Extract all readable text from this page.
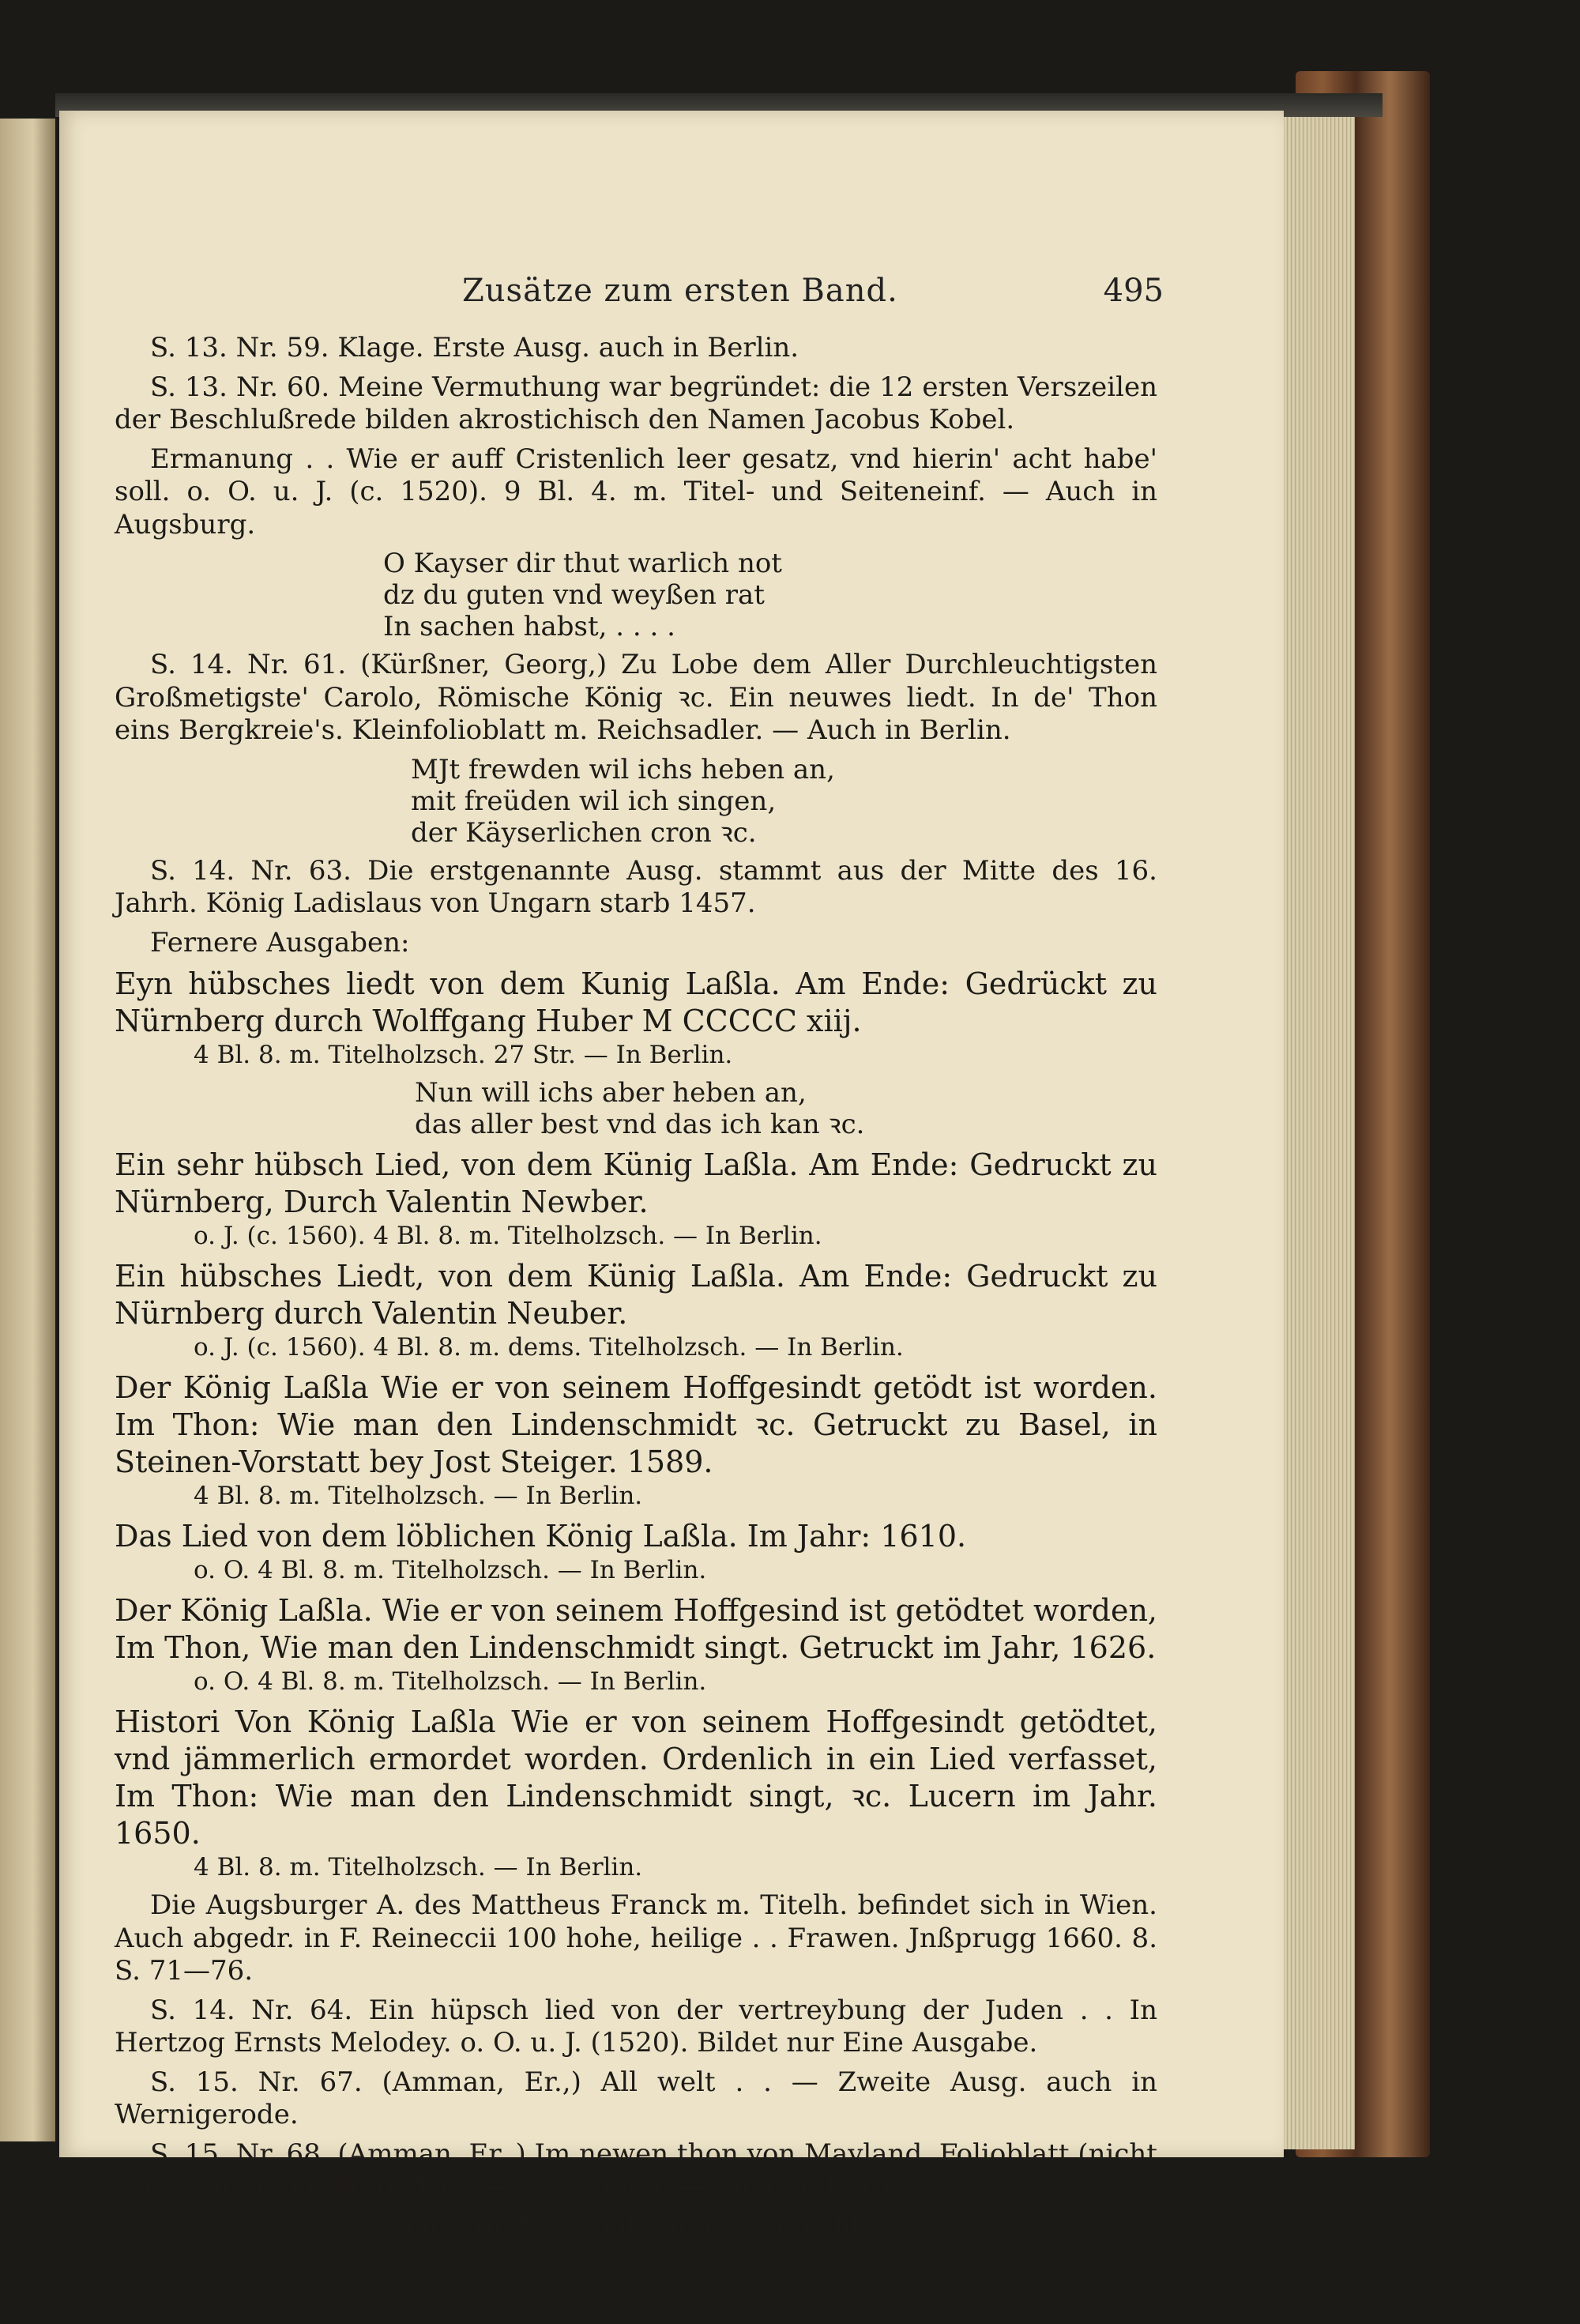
Zusätze zum ersten Band.	495

S. 13. Nr. 59. Klage. Erste Ausg. auch in Berlin.

S. 13. Nr. 60. Meine Vermuthung war begründet: die 12 ersten Verszeilen der Beschlußrede bilden akrostichisch den Namen Jacobus Kobel.

Ermanung . . Wie er auff Cristenlich leer gesatz, vnd hierin' acht habe' soll. o. O. u. J. (c. 1520). 9 Bl. 4. m. Titel- und Seiteneinf. — Auch in Augsburg.

O Kayser dir thut warlich not
dz du guten vnd weyßen rat
In sachen habst, . . . .

S. 14. Nr. 61. (Kürßner, Georg,) Zu Lobe dem Aller Durchleuchtigsten Großmetigste' Carolo, Römische König ꝛc. Ein neuwes liedt. In de' Thon eins Bergkreie's. Kleinfolioblatt m. Reichsadler. — Auch in Berlin.

MJt frewden wil ichs heben an,
mit freüden wil ich singen,
der Käyserlichen cron ꝛc.

S. 14. Nr. 63. Die erstgenannte Ausg. stammt aus der Mitte des 16. Jahrh. König Ladislaus von Ungarn starb 1457.

Fernere Ausgaben:

Eyn hübsches liedt von dem Kunig Laßla. Am Ende: Gedrückt zu Nürnberg durch Wolffgang Huber M CCCCC xiij.
4 Bl. 8. m. Titelholzsch. 27 Str. — In Berlin.
Nun will ichs aber heben an,
das aller best vnd das ich kan ꝛc.
Ein sehr hübsch Lied, von dem Künig Laßla. Am Ende: Gedruckt zu Nürnberg, Durch Valentin Newber.
o. J. (c. 1560). 4 Bl. 8. m. Titelholzsch. — In Berlin.
Ein hübsches Liedt, von dem Künig Laßla. Am Ende: Gedruckt zu Nürnberg durch Valentin Neuber.
o. J. (c. 1560). 4 Bl. 8. m. dems. Titelholzsch. — In Berlin.
Der König Laßla Wie er von seinem Hoffgesindt getödt ist worden. Im Thon: Wie man den Lindenschmidt ꝛc. Getruckt zu Basel, in Steinen-Vorstatt bey Jost Steiger. 1589.
4 Bl. 8. m. Titelholzsch. — In Berlin.
Das Lied von dem löblichen König Laßla. Im Jahr: 1610.
o. O. 4 Bl. 8. m. Titelholzsch. — In Berlin.
Der König Laßla. Wie er von seinem Hoffgesind ist getödtet worden, Im Thon, Wie man den Lindenschmidt singt. Getruckt im Jahr, 1626.
o. O. 4 Bl. 8. m. Titelholzsch. — In Berlin.
Histori Von König Laßla Wie er von seinem Hoffgesindt getödtet, vnd jämmerlich ermordet worden. Ordenlich in ein Lied verfasset, Im Thon: Wie man den Lindenschmidt singt, ꝛc. Lucern im Jahr. 1650.
4 Bl. 8. m. Titelholzsch. — In Berlin.

Die Augsburger A. des Mattheus Franck m. Titelh. befindet sich in Wien. Auch abgedr. in F. Reineccii 100 hohe, heilige . . Frawen. Jnßprugg 1660. 8. S. 71—76.

S. 14. Nr. 64. Ein hüpsch lied von der vertreybung der Juden . . In Hertzog Ernsts Melodey. o. O. u. J. (1520). Bildet nur Eine Ausgabe.

S. 15. Nr. 67. (Amman, Er.,) All welt . . — Zweite Ausg. auch in Wernigerode.

S. 15. Nr. 68. (Amman, Er.,) Im newen thon von Mayland. Folioblatt (nicht 8.). Kann in die Jahre 1513—1517 fallen. — Auch in Berlin.

HOrt von Mayland ain new gedicht ꝛc.
